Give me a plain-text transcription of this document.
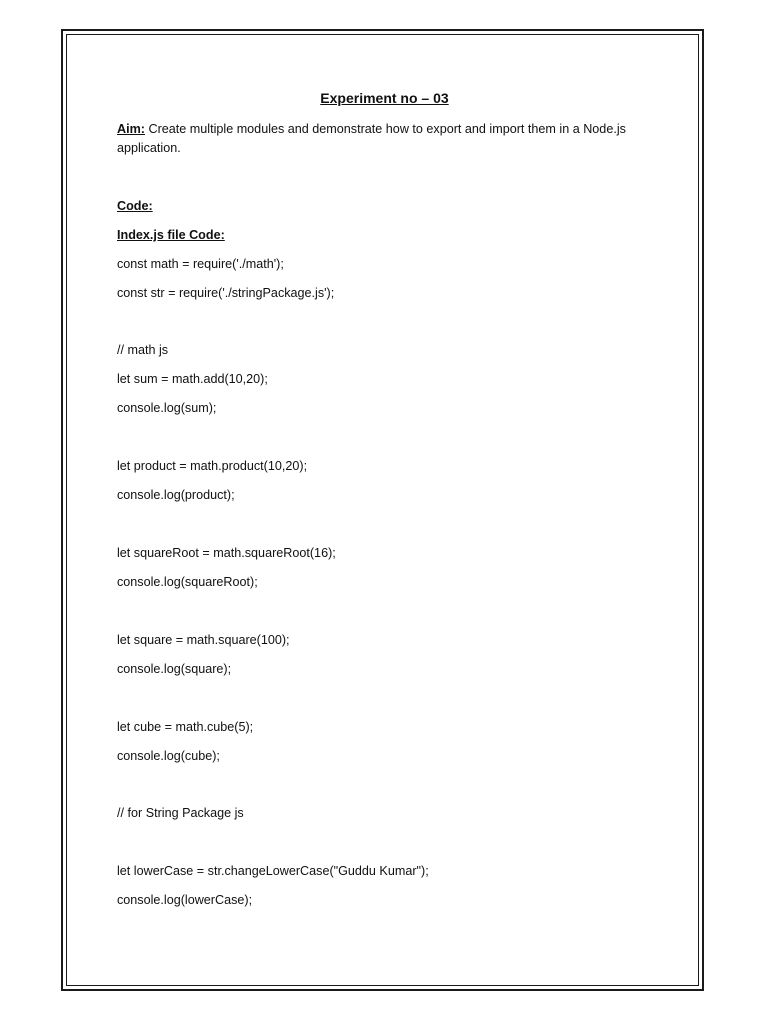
Experiment no – 03
Aim: Create multiple modules and demonstrate how to export and import them in a Node.js application.
Code:
Index.js file Code:
const math = require('./math');
const str = require('./stringPackage.js');
// math js
let sum = math.add(10,20);
console.log(sum);
let product = math.product(10,20);
console.log(product);
let squareRoot = math.squareRoot(16);
console.log(squareRoot);
let square = math.square(100);
console.log(square);
let cube = math.cube(5);
console.log(cube);
// for String Package js
let lowerCase = str.changeLowerCase("Guddu Kumar");
console.log(lowerCase);
